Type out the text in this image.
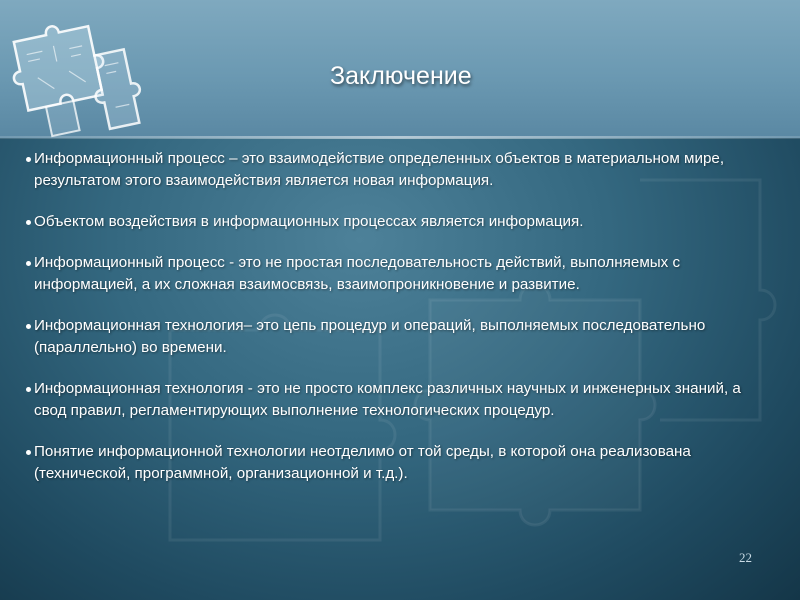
Заключение
Информационный процесс – это взаимодействие определенных объектов в материальном мире, результатом этого взаимодействия является новая информация.
Объектом воздействия в информационных процессах является информация.
Информационный процесс - это не простая последовательность действий, выполняемых с информацией, а их сложная взаимосвязь, взаимопроникновение и развитие.
Информационная технология– это цепь процедур и операций, выполняемых последовательно (параллельно) во времени.
Информационная технология - это не просто комплекс различных научных и инженерных знаний, а свод правил, регламентирующих выполнение технологических процедур.
Понятие информационной технологии неотделимо от той среды, в которой она реализована (технической, программной, организационной и т.д.).
22
